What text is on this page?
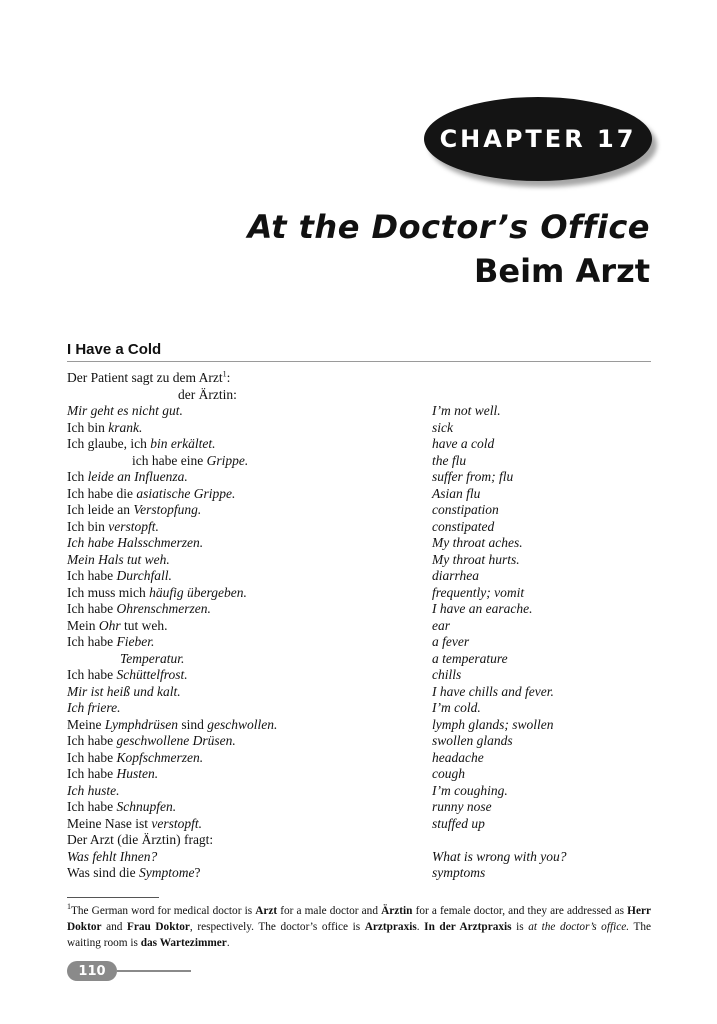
CHAPTER 17
At the Doctor’s Office
Beim Arzt
I Have a Cold
Der Patient sagt zu dem Arzt$^1$:
der Ärztin:
Mir geht es nicht gut.	I’m not well.
Ich bin krank.	sick
Ich glaube, ich bin erkältet.	have a cold
ich habe eine Grippe.	the flu
Ich leide an Influenza.	suffer from; flu
Ich habe die asiatische Grippe.	Asian flu
Ich leide an Verstopfung.	constipation
Ich bin verstopft.	constipated
Ich habe Halsschmerzen.	My throat aches.
Mein Hals tut weh.	My throat hurts.
Ich habe Durchfall.	diarrhea
Ich muss mich häufig übergeben.	frequently; vomit
Ich habe Ohrenschmerzen.	I have an earache.
Mein Ohr tut weh.	ear
Ich habe Fieber.	a fever
Temperatur.	a temperature
Ich habe Schüttelfrost.	chills
Mir ist heiß und kalt.	I have chills and fever.
Ich friere.	I’m cold.
Meine Lymphdrüsen sind geschwollen.	lymph glands; swollen
Ich habe geschwollene Drüsen.	swollen glands
Ich habe Kopfschmerzen.	headache
Ich habe Husten.	cough
Ich huste.	I’m coughing.
Ich habe Schnupfen.	runny nose
Meine Nase ist verstopft.	stuffed up
Der Arzt (die Ärztin) fragt:
Was fehlt Ihnen?	What is wrong with you?
Was sind die Symptome?	symptoms
$^1$The German word for medical doctor is Arzt for a male doctor and Ärztin for a female doctor, and they are addressed as Herr Doktor and Frau Doktor, respectively. The doctor’s office is Arztpraxis. In der Arztpraxis is at the doctor’s office. The waiting room is das Wartezimmer.
110
